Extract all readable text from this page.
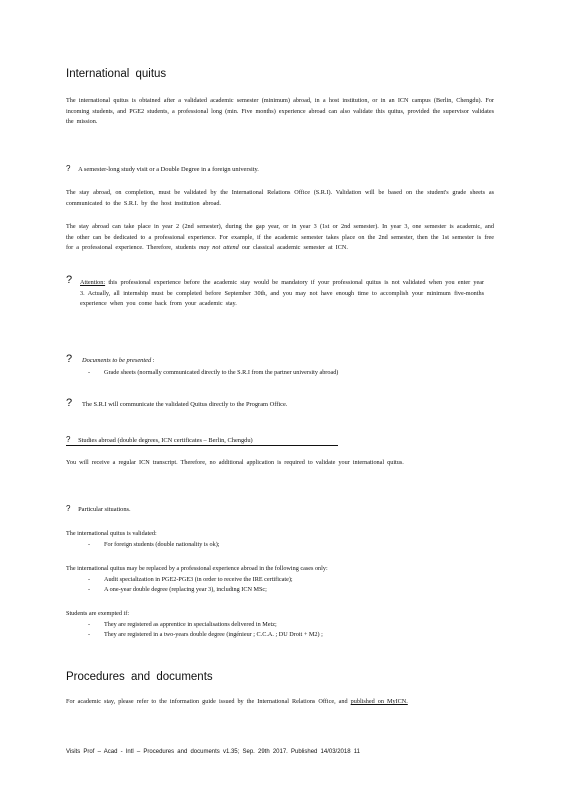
International quitus

The international quitus is obtained after a validated academic semester (minimum) abroad, in a host institution, or in an ICN campus (Berlin, Chengdu). For incoming students, and PGE2 students, a professional long (min. Five months) experience abroad can also validate this quitus, provided the supervisor validates the mission.

? A semester-long study visit or a Double Degree in a foreign university.

The stay abroad, on completion, must be validated by the International Relations Office (S.R.I). Validation will be based on the student's grade sheets as communicated to the S.R.I. by the host institution abroad.

The stay abroad can take place in year 2 (2nd semester), during the gap year, or in year 3 (1st or 2nd semester). In year 3, one semester is academic, and the other can be dedicated to a professional experience. For example, if the academic semester takes place on the 2nd semester, then the 1st semester is free for a professional experience. Therefore, students may not attend our classical academic semester at ICN.

? Attention: this professional experience before the academic stay would be mandatory if your professional quitus is not validated when you enter year 3. Actually, all internship must be completed before September 30th, and you may not have enough time to accomplish your minimum five-months experience when you come back from your academic stay.

? Documents to be presented :
- Grade sheets (normally communicated directly to the S.R.I from the partner university abroad)
? The S.R.I will communicate the validated Quitus directly to the Program Office.
? Studies abroad (double degrees, ICN certificates – Berlin, Chengdu)

You will receive a regular ICN transcript. Therefore, no additional application is required to validate your international quitus.

? Particular situations.
The international quitus is validated:
- For foreign students (double nationality is ok);
The international quitus may be replaced by a professional experience abroad in the following cases only:
- Audit specialization in PGE2-PGE3 (in order to receive the IRE certificate);
- A one-year double degree (replacing year 3), including ICN MSc;
Students are exempted if:
- They are registered as apprentice in specialisations delivered in Metz;
- They are registered in a two-years double degree (ingénieur ; C.C.A. ; DU Droit + M2) ;
Procedures and documents

For academic stay, please refer to the information guide issued by the International Relations Office, and published on MyICN.

Visits Prof – Acad - Intl – Procedures and documents v1.35; Sep. 29th 2017. Published 14/03/2018 11
